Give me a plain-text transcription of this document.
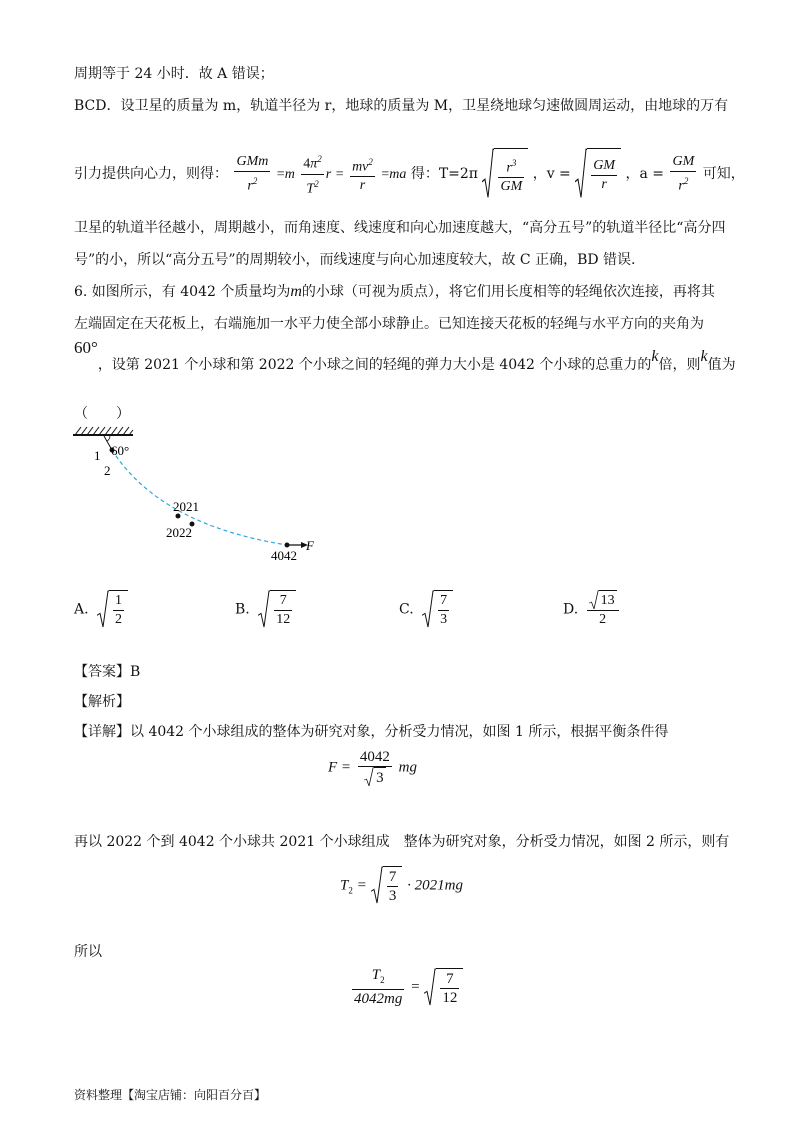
周期等于 24 小时．故 A 错误；
BCD．设卫星的质量为 m，轨道半径为 r，地球的质量为 M，卫星绕地球匀速做圆周运动，由地球的万有
引力提供向心力，则得： $\frac{\text{GMm}}{r^2} =m \frac{4\pi^2}{T^2}$ $r = \frac{mv^2}{r} =ma$ 得：$T=2\pi \frac{r^3}{GM}$ ，$v = \frac{GM}{r}$ ，$a = \frac{GM}{r^2}$ 可知，
卫星的轨道半径越小，周期越小，而角速度、线速度和向心加速度越大，“高分五号”的轨道半径比“高分四
号”的小，所以“高分五号”的周期较小，而线速度与向心加速度较大，故 C 正确，BD 错误.
6. 如图所示，有 4042 个质量均为m的小球（可视为质点），将它们用长度相等的轻绳依次连接，再将其
左端固定在天花板上，右端施加一水平力使全部小球静止。已知连接天花板的轻绳与水平方向的夹角为
60°，设第 2021 个小球和第 2022 个小球之间的轻绳的弹力大小是 4042 个小球的总重力的k倍，则k值为
（　　）
60°
1
2
2021
2022
4042
F
A. $\frac{1}{2}$	B. $\frac{7}{12}$	C. $\frac{7}{3}$	D. $\frac{13}{2}$
【答案】B
【解析】
【详解】以 4042 个小球组成的整体为研究对象，分析受力情况，如图 1 所示，根据平衡条件得
$F = \frac{4042}{3}$ mg
再以 2022 个到 4042 个小球共 2021 个小球组成　整体为研究对象，分析受力情况，如图 2 所示，则有
$T_2 = \frac{7}{3} \cdot 2021mg$
所以
$\frac{T_2}{4042mg} = \frac{7}{12}$
资料整理【淘宝店铺：向阳百分百】
